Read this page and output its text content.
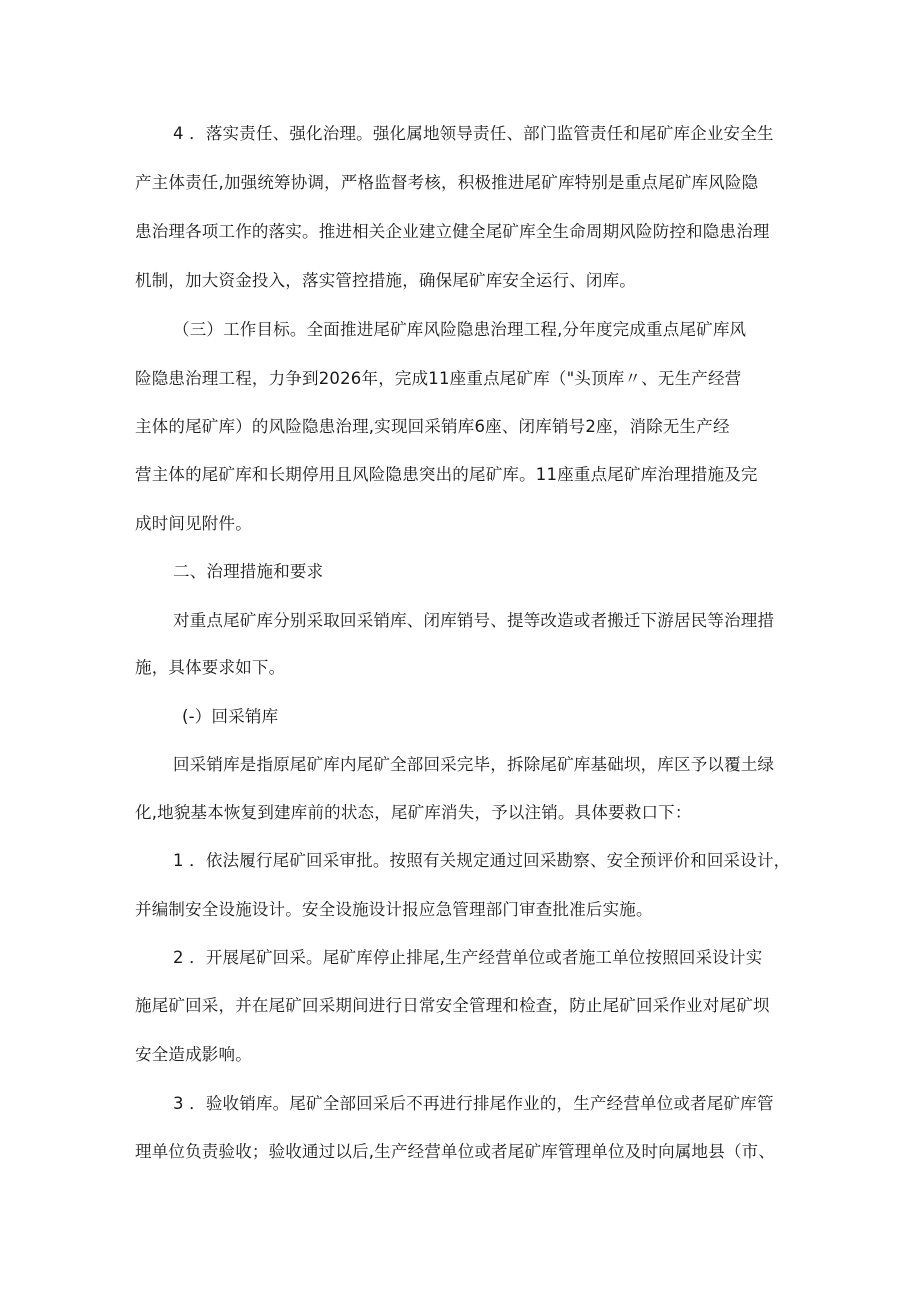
4 ．落实责任、强化治理。强化属地领导责任、部门监管责任和尾矿库企业安全生
产主体责任,加强统筹协调，严格监督考核，积极推进尾矿库特别是重点尾矿库风险隐
患治理各项工作的落实。推进相关企业建立健全尾矿库全生命周期风险防控和隐患治理
机制，加大资金投入，落实管控措施，确保尾矿库安全运行、闭库。
（三）工作目标。全面推进尾矿库风险隐患治理工程,分年度完成重点尾矿库风
险隐患治理工程，力争到2026年，完成11座重点尾矿库（"头顶库〃、无生产经营
主体的尾矿库）的风险隐患治理,实现回采销库6座、闭库销号2座，消除无生产经
营主体的尾矿库和长期停用且风险隐患突出的尾矿库。11座重点尾矿库治理措施及完
成时间见附件。
二、治理措施和要求
对重点尾矿库分别采取回采销库、闭库销号、提等改造或者搬迁下游居民等治理措
施，具体要求如下。
(-）回采销库
回采销库是指原尾矿库内尾矿全部回采完毕，拆除尾矿库基础坝，库区予以覆土绿
化,地貌基本恢复到建库前的状态，尾矿库消失，予以注销。具体要救口下：
1 ．依法履行尾矿回采审批。按照有关规定通过回采勘察、安全预评价和回采设计，
并编制安全设施设计。安全设施设计报应急管理部门审查批准后实施。
2 ．开展尾矿回采。尾矿库停止排尾,生产经营单位或者施工单位按照回采设计实
施尾矿回采，并在尾矿回采期间进行日常安全管理和检查，防止尾矿回采作业对尾矿坝
安全造成影响。
3 ．验收销库。尾矿全部回采后不再进行排尾作业的，生产经营单位或者尾矿库管
理单位负责验收；验收通过以后,生产经营单位或者尾矿库管理单位及时向属地县（市、
